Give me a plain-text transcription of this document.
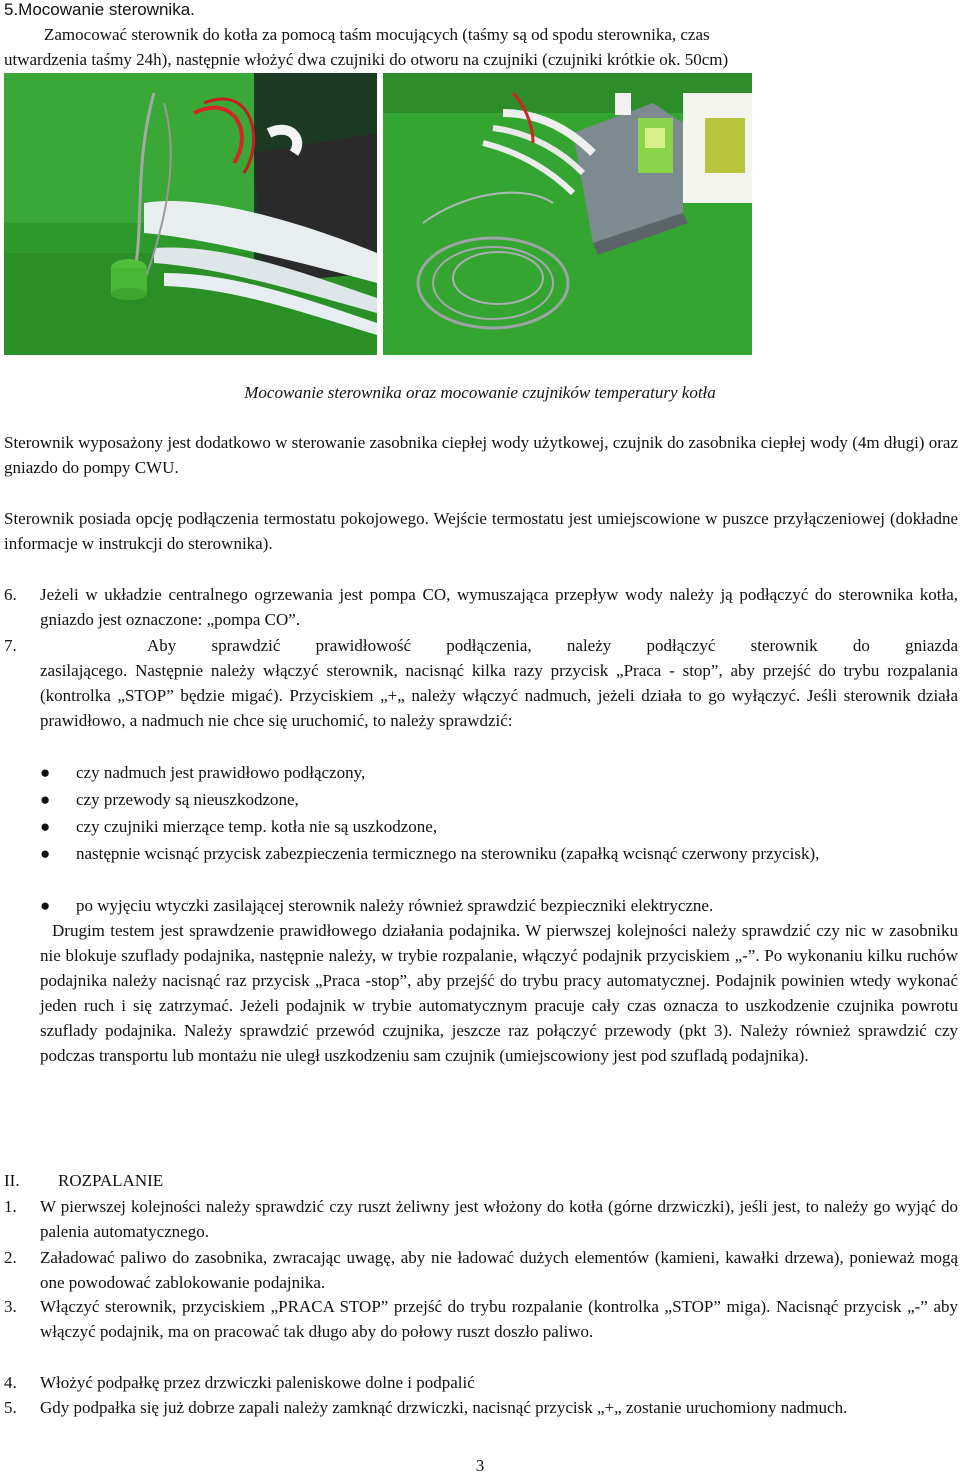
5.Mocowanie sterownika.
Zamocować sterownik do kotła za pomocą taśm mocujących (taśmy są od spodu sterownika, czas
utwardzenia taśmy 24h), następnie włożyć dwa czujniki do otworu na czujniki (czujniki krótkie ok. 50cm)
Mocowanie sterownika oraz mocowanie czujników temperatury kotła
Sterownik wyposażony jest dodatkowo w sterowanie zasobnika ciepłej wody użytkowej, czujnik do zasobnika ciepłej wody (4m długi) oraz gniazdo do pompy CWU.
Sterownik posiada opcję podłączenia termostatu pokojowego. Wejście termostatu jest umiejscowione w puszce przyłączeniowej (dokładne informacje w instrukcji do sterownika).
6. Jeżeli w układzie centralnego ogrzewania jest pompa CO, wymuszająca przepływ wody należy ją podłączyć do sterownika kotła, gniazdo jest oznaczone: „pompa CO”.
7.	Aby sprawdzić prawidłowość podłączenia, należy podłączyć sterownik do gniazda
zasilającego. Następnie należy włączyć sterownik, nacisnąć kilka razy przycisk „Praca - stop”, aby przejść do trybu rozpalania (kontrolka „STOP” będzie migać). Przyciskiem „+„ należy włączyć nadmuch, jeżeli działa to go wyłączyć. Jeśli sterownik działa prawidłowo, a nadmuch nie chce się uruchomić, to należy sprawdzić:
● czy nadmuch jest prawidłowo podłączony,
● czy przewody są nieuszkodzone,
● czy czujniki mierzące temp. kotła nie są uszkodzone,
● następnie wcisnąć przycisk zabezpieczenia termicznego na sterowniku (zapałką wcisnąć czerwony przycisk),
● po wyjęciu wtyczki zasilającej sterownik należy również sprawdzić bezpieczniki elektryczne.
Drugim testem jest sprawdzenie prawidłowego działania podajnika. W pierwszej kolejności należy sprawdzić czy nic w zasobniku nie blokuje szuflady podajnika, następnie należy, w trybie rozpalanie, włączyć podajnik przyciskiem „-”. Po wykonaniu kilku ruchów podajnika należy nacisnąć raz przycisk „Praca -stop”, aby przejść do trybu pracy automatycznej. Podajnik powinien wtedy wykonać jeden ruch i się zatrzymać. Jeżeli podajnik w trybie automatycznym pracuje cały czas oznacza to uszkodzenie czujnika powrotu szuflady podajnika. Należy sprawdzić przewód czujnika, jeszcze raz połączyć przewody (pkt 3). Należy również sprawdzić czy podczas transportu lub montażu nie uległ uszkodzeniu sam czujnik (umiejscowiony jest pod szufladą podajnika).
II. ROZPALANIE
1. W pierwszej kolejności należy sprawdzić czy ruszt żeliwny jest włożony do kotła (górne drzwiczki), jeśli jest, to należy go wyjąć do palenia automatycznego.
2. Załadować paliwo do zasobnika, zwracając uwagę, aby nie ładować dużych elementów (kamieni, kawałki drzewa), ponieważ mogą one powodować zablokowanie podajnika.
3. Włączyć sterownik, przyciskiem „PRACA STOP” przejść do trybu rozpalanie (kontrolka „STOP” miga). Nacisnąć przycisk „-” aby włączyć podajnik, ma on pracować tak długo aby do połowy ruszt doszło paliwo.
4. Włożyć podpałkę przez drzwiczki paleniskowe dolne i podpalić
5. Gdy podpałka się już dobrze zapali należy zamknąć drzwiczki, nacisnąć przycisk „+„ zostanie uruchomiony nadmuch.
3
